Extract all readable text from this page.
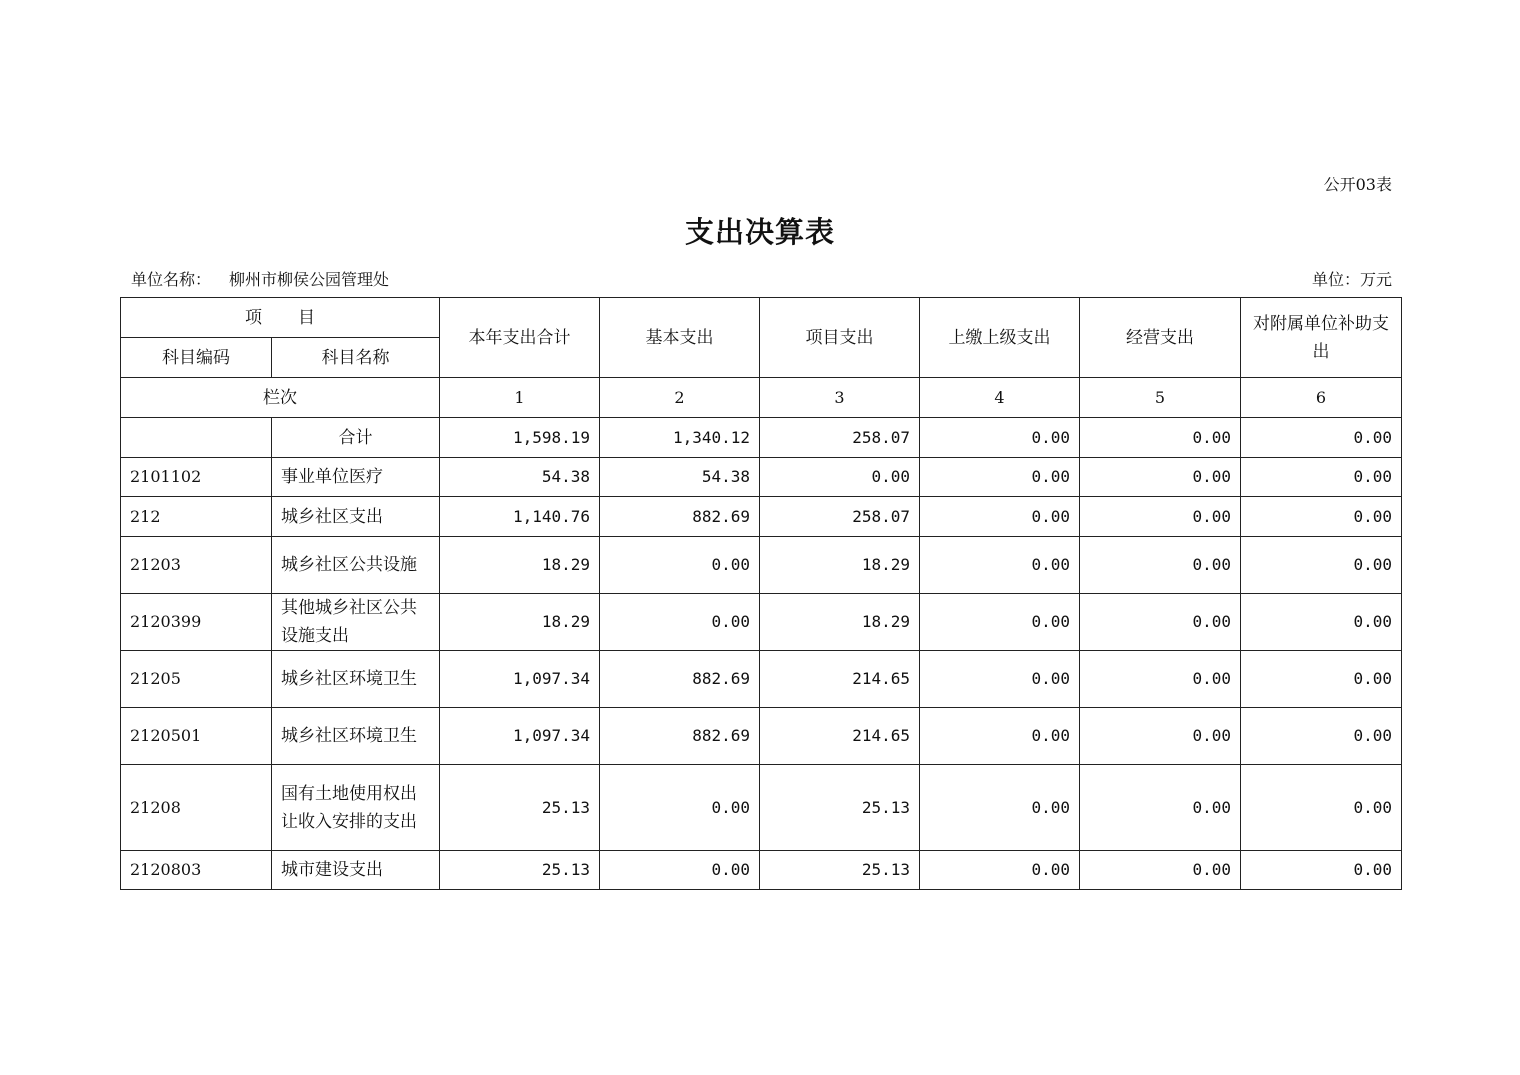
公开03表
支出决算表
单位名称： 柳州市柳侯公园管理处	单位：万元
项 目		本年支出合计	基本支出	项目支出	上缴上级支出	经营支出	对附属单位补助支出
科目编码	科目名称						
栏次		1	2	3	4	5	6
	合计	1,598.19	1,340.12	258.07	0.00	0.00	0.00
2101102	事业单位医疗	54.38	54.38	0.00	0.00	0.00	0.00
212	城乡社区支出	1,140.76	882.69	258.07	0.00	0.00	0.00
21203	城乡社区公共设施	18.29	0.00	18.29	0.00	0.00	0.00
2120399	其他城乡社区公共设施支出	18.29	0.00	18.29	0.00	0.00	0.00
21205	城乡社区环境卫生	1,097.34	882.69	214.65	0.00	0.00	0.00
2120501	城乡社区环境卫生	1,097.34	882.69	214.65	0.00	0.00	0.00
21208	国有土地使用权出让收入安排的支出	25.13	0.00	25.13	0.00	0.00	0.00
2120803	城市建设支出	25.13	0.00	25.13	0.00	0.00	0.00
